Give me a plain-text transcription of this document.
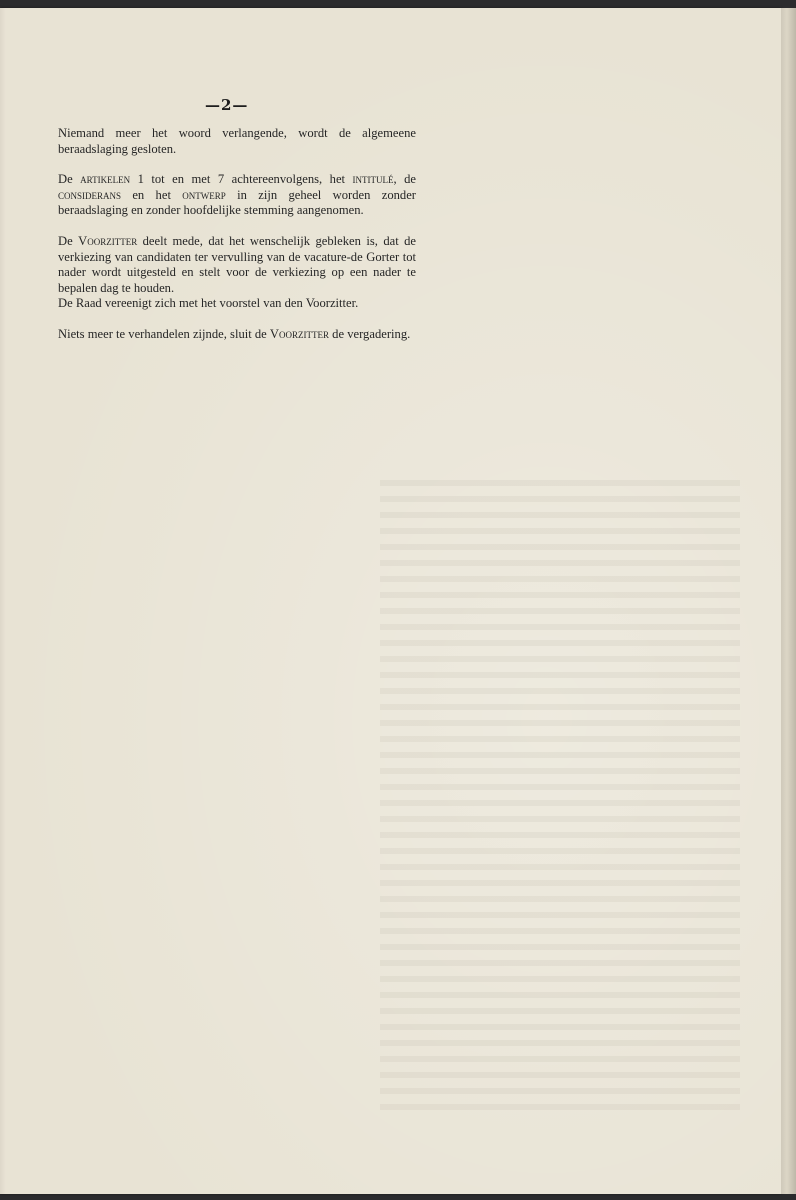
—2—

Niemand meer het woord verlangende, wordt de algemeene beraadslaging gesloten.

De artikelen 1 tot en met 7 achtereenvolgens, het intitulé, de considerans en het ontwerp in zijn geheel worden zonder beraadslaging en zonder hoofdelijke stemming aangenomen.

De Voorzitter deelt mede, dat het wenschelijk gebleken is, dat de verkiezing van candidaten ter vervulling van de vacature-de Gorter tot nader wordt uitgesteld en stelt voor de verkiezing op een nader te bepalen dag te houden.

De Raad vereenigt zich met het voorstel van den Voorzitter.

Niets meer te verhandelen zijnde, sluit de Voorzitter de vergadering.
